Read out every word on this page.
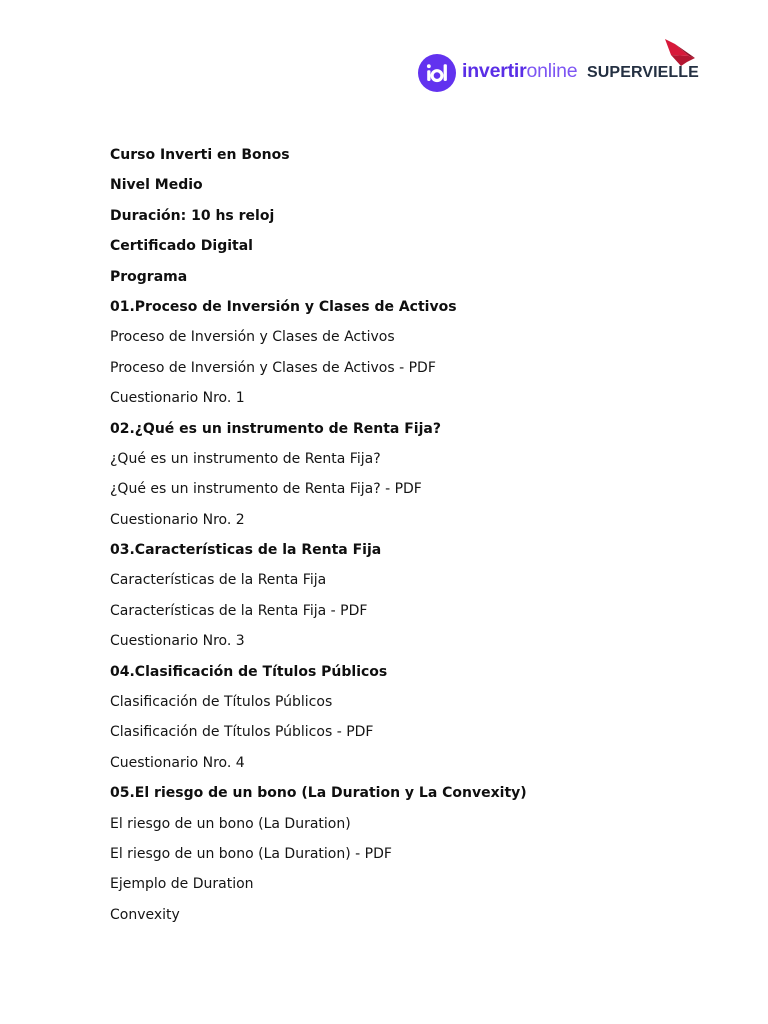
invertironline SUPERVIELLE
Curso Inverti en Bonos
Nivel Medio
Duración: 10 hs reloj
Certificado Digital
Programa
01.Proceso de Inversión y Clases de Activos
Proceso de Inversión y Clases de Activos
Proceso de Inversión y Clases de Activos - PDF
Cuestionario Nro. 1
02.¿Qué es un instrumento de Renta Fija?
¿Qué es un instrumento de Renta Fija?
¿Qué es un instrumento de Renta Fija? - PDF
Cuestionario Nro. 2
03.Características de la Renta Fija
Características de la Renta Fija
Características de la Renta Fija - PDF
Cuestionario Nro. 3
04.Clasificación de Títulos Públicos
Clasificación de Títulos Públicos
Clasificación de Títulos Públicos - PDF
Cuestionario Nro. 4
05.El riesgo de un bono (La Duration y La Convexity)
El riesgo de un bono (La Duration)
El riesgo de un bono (La Duration) - PDF
Ejemplo de Duration
Convexity
